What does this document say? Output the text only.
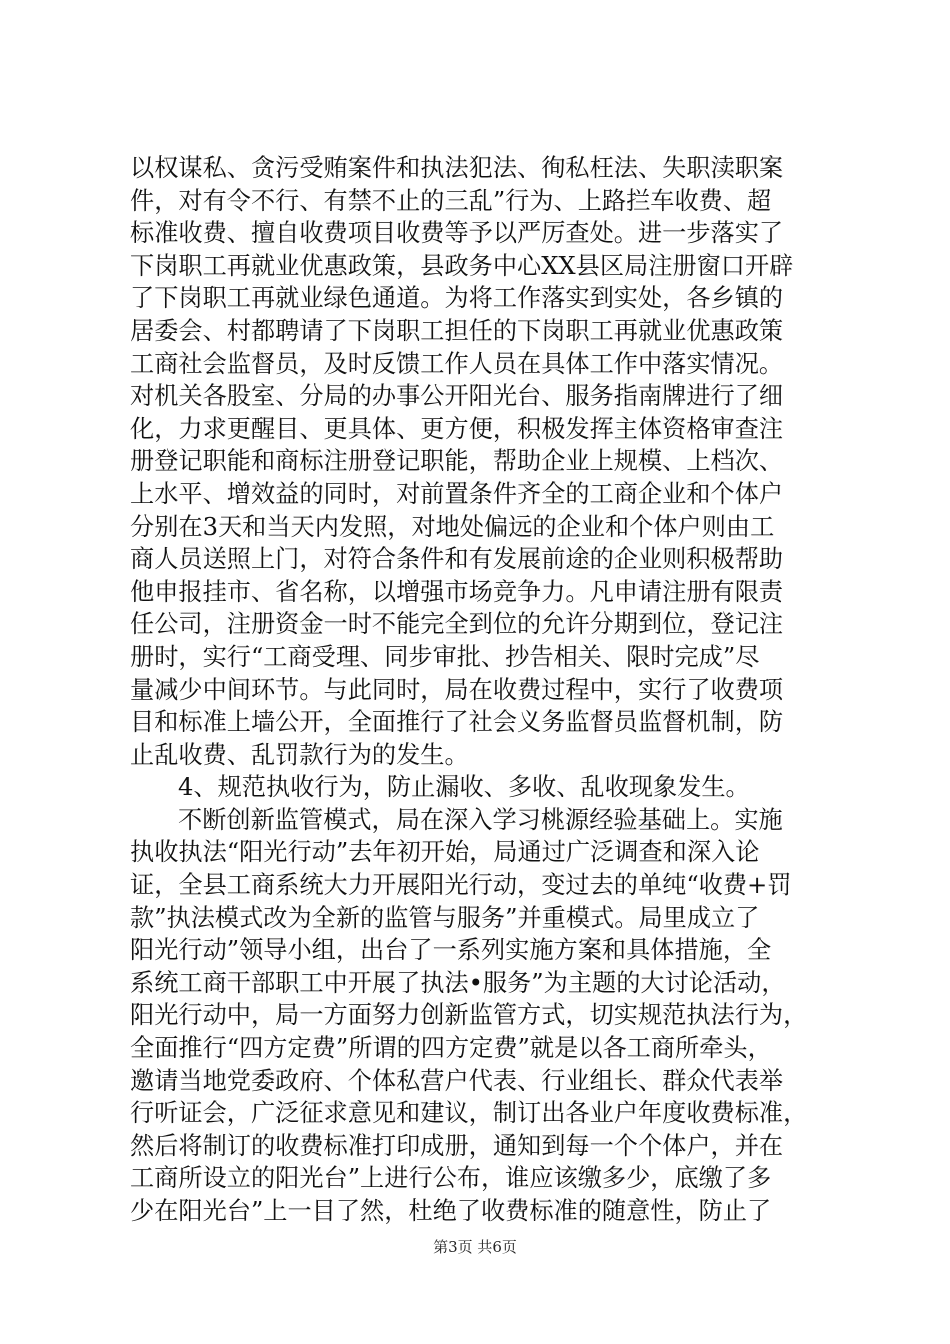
以权谋私、贪污受贿案件和执法犯法、徇私枉法、失职渎职案
件，对有令不行、有禁不止的三乱”行为、上路拦车收费、超
标准收费、擅自收费项目收费等予以严厉查处。进一步落实了
下岗职工再就业优惠政策，县政务中心XX县区局注册窗口开辟
了下岗职工再就业绿色通道。为将工作落实到实处，各乡镇的
居委会、村都聘请了下岗职工担任的下岗职工再就业优惠政策
工商社会监督员，及时反馈工作人员在具体工作中落实情况。
对机关各股室、分局的办事公开阳光台、服务指南牌进行了细
化，力求更醒目、更具体、更方便，积极发挥主体资格审查注
册登记职能和商标注册登记职能，帮助企业上规模、上档次、
上水平、增效益的同时，对前置条件齐全的工商企业和个体户
分别在3天和当天内发照，对地处偏远的企业和个体户则由工
商人员送照上门，对符合条件和有发展前途的企业则积极帮助
他申报挂市、省名称，以增强市场竞争力。凡申请注册有限责
任公司，注册资金一时不能完全到位的允许分期到位，登记注
册时，实行“工商受理、同步审批、抄告相关、限时完成”尽
量减少中间环节。与此同时，局在收费过程中，实行了收费项
目和标准上墙公开，全面推行了社会义务监督员监督机制，防
止乱收费、乱罚款行为的发生。
4、规范执收行为，防止漏收、多收、乱收现象发生。
不断创新监管模式，局在深入学习桃源经验基础上。实施
执收执法“阳光行动”去年初开始，局通过广泛调查和深入论
证，全县工商系统大力开展阳光行动，变过去的单纯“收费+罚
款”执法模式改为全新的监管与服务”并重模式。局里成立了
阳光行动”领导小组，出台了一系列实施方案和具体措施，全
系统工商干部职工中开展了执法•服务”为主题的大讨论活动，
阳光行动中，局一方面努力创新监管方式，切实规范执法行为，
全面推行“四方定费”所谓的四方定费”就是以各工商所牵头，
邀请当地党委政府、个体私营户代表、行业组长、群众代表举
行听证会，广泛征求意见和建议，制订出各业户年度收费标准，
然后将制订的收费标准打印成册，通知到每一个个体户，并在
工商所设立的阳光台”上进行公布，谁应该缴多少，底缴了多
少在阳光台”上一目了然，杜绝了收费标准的随意性，防止了
第3页 共6页
